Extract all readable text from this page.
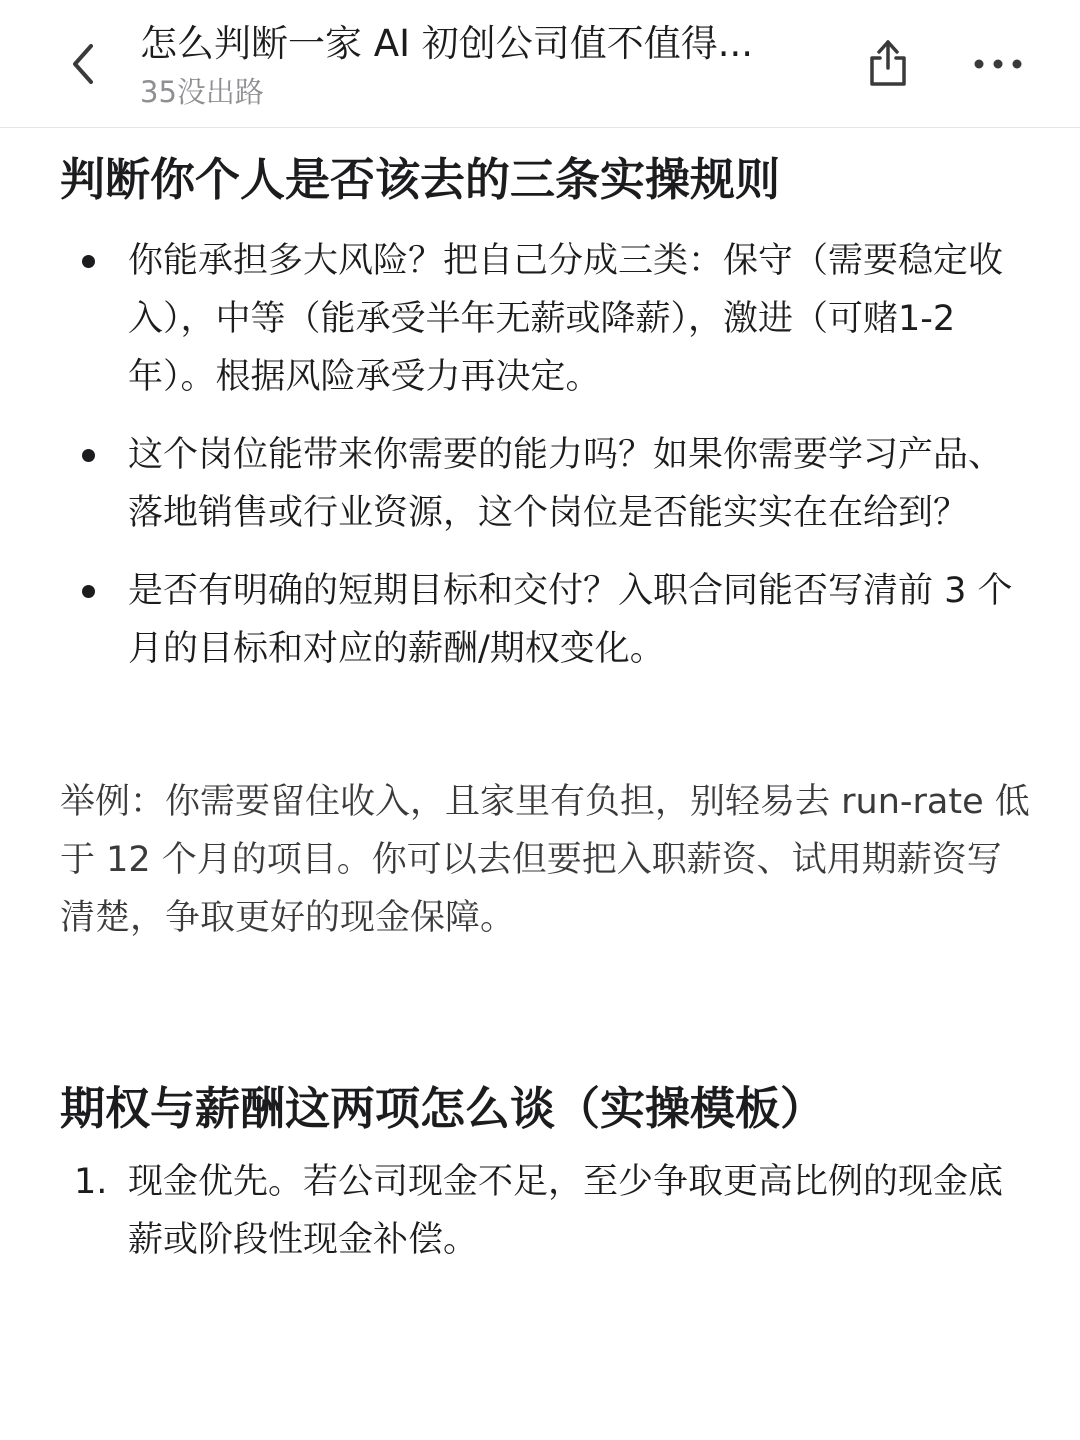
怎么判断一家 AI 初创公司值不值得...
35没出路
判断你个人是否该去的三条实操规则
你能承担多大风险？把自己分成三类：保守（需要稳定收入），中等（能承受半年无薪或降薪），激进（可赌1-2年）。根据风险承受力再决定。
这个岗位能带来你需要的能力吗？如果你需要学习产品、落地销售或行业资源，这个岗位是否能实实在在给到？
是否有明确的短期目标和交付？入职合同能否写清前 3 个月的目标和对应的薪酬/期权变化。
举例：你需要留住收入，且家里有负担，别轻易去 run-rate 低于 12 个月的项目。你可以去但要把入职薪资、试用期薪资写清楚，争取更好的现金保障。
期权与薪酬这两项怎么谈（实操模板）
1. 现金优先。若公司现金不足，至少争取更高比例的现金底薪或阶段性现金补偿。
